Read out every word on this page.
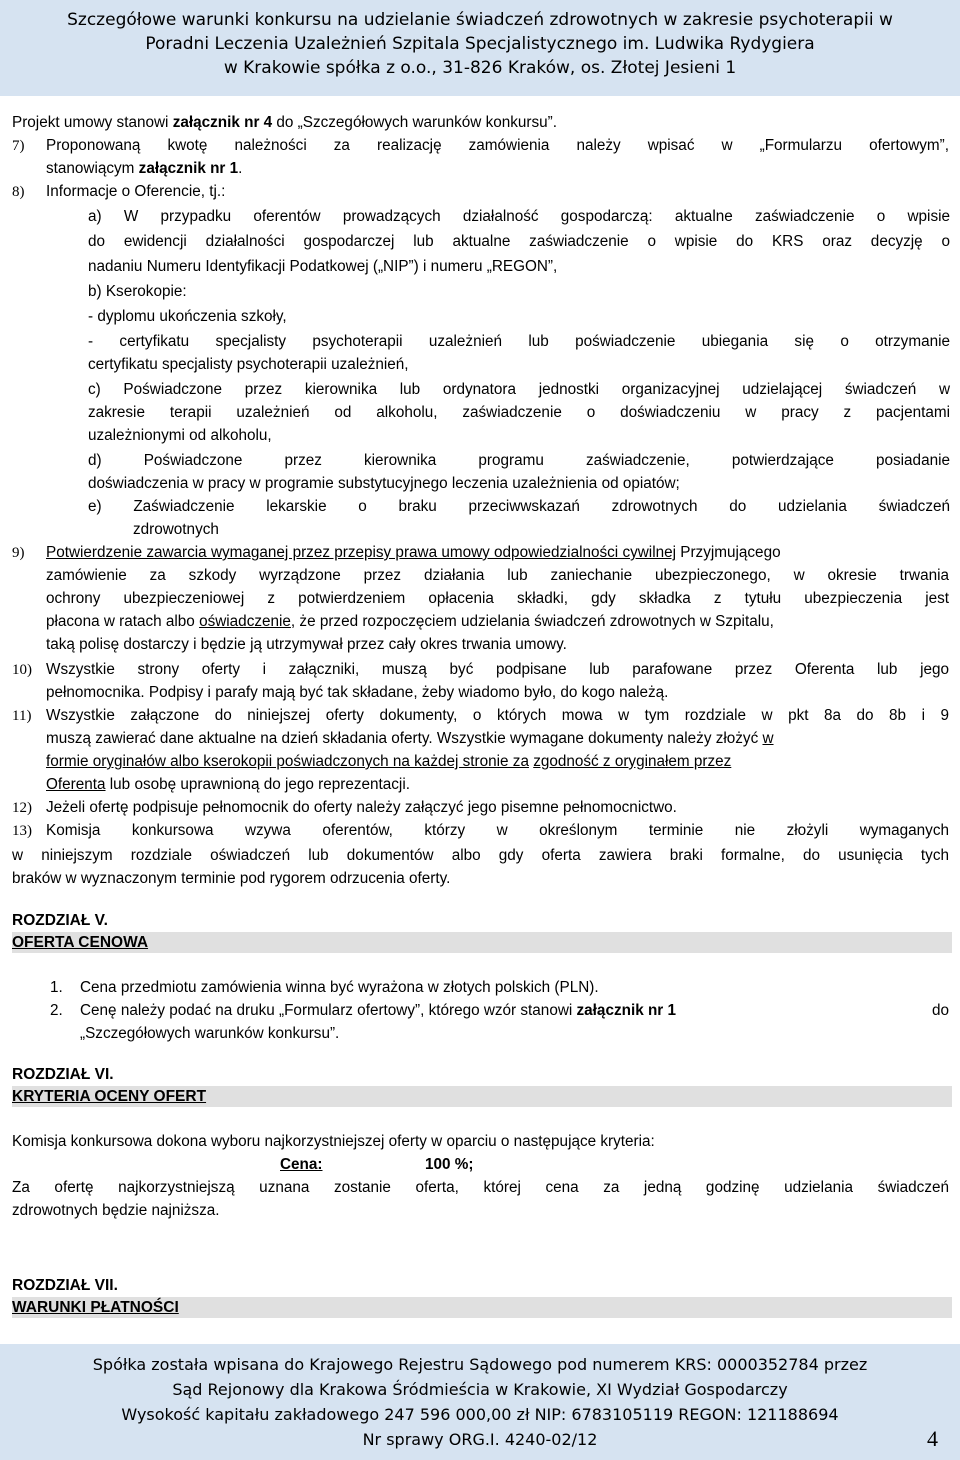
Szczegółowe warunki konkursu na udzielanie świadczeń zdrowotnych w zakresie psychoterapii w
Poradni Leczenia Uzależnień Szpitala Specjalistycznego im. Ludwika Rydygiera
w Krakowie spółka z o.o., 31-826 Kraków, os. Złotej Jesieni 1
Projekt umowy stanowi załącznik nr 4 do „Szczegółowych warunków konkursu”.
7) Proponowaną kwotę należności za realizację zamówienia należy wpisać w „Formularzu ofertowym”,
stanowiącym załącznik nr 1.
8) Informacje o Oferencie, tj.:
a) W przypadku oferentów prowadzących działalność gospodarczą: aktualne zaświadczenie o wpisie
do ewidencji działalności gospodarczej lub aktualne zaświadczenie o wpisie do KRS oraz decyzję o
nadaniu Numeru Identyfikacji Podatkowej („NIP”) i numeru „REGON”,
b) Kserokopie:
- dyplomu ukończenia szkoły,
- certyfikatu specjalisty psychoterapii uzależnień lub poświadczenie ubiegania się o otrzymanie
certyfikatu specjalisty psychoterapii uzależnień,
c) Poświadczone przez kierownika lub ordynatora jednostki organizacyjnej udzielającej świadczeń w
zakresie terapii uzależnień od alkoholu, zaświadczenie o doświadczeniu w pracy z pacjentami
uzależnionymi od alkoholu,
d) Poświadczone przez kierownika programu zaświadczenie, potwierdzające posiadanie
doświadczenia w pracy w programie substytucyjnego leczenia uzależnienia od opiatów;
e) Zaświadczenie lekarskie o braku przeciwwskazań zdrowotnych do udzielania świadczeń
zdrowotnych
9) Potwierdzenie zawarcia wymaganej przez przepisy prawa umowy odpowiedzialności cywilnej Przyjmującego
zamówienie za szkody wyrządzone przez działania lub zaniechanie ubezpieczonego, w okresie trwania
ochrony ubezpieczeniowej z potwierdzeniem opłacenia składki, gdy składka z tytułu ubezpieczenia jest
płacona w ratach albo oświadczenie, że przed rozpoczęciem udzielania świadczeń zdrowotnych w Szpitalu,
taką polisę dostarczy i będzie ją utrzymywał przez cały okres trwania umowy.
10) Wszystkie strony oferty i załączniki, muszą być podpisane lub parafowane przez Oferenta lub jego
pełnomocnika. Podpisy i parafy mają być tak składane, żeby wiadomo było, do kogo należą.
11) Wszystkie załączone do niniejszej oferty dokumenty, o których mowa w tym rozdziale w pkt 8a do 8b i 9
muszą zawierać dane aktualne na dzień składania oferty. Wszystkie wymagane dokumenty należy złożyć w
formie oryginałów albo kserokopii poświadczonych na każdej stronie za zgodność z oryginałem przez
Oferenta lub osobę uprawnioną do jego reprezentacji.
12) Jeżeli ofertę podpisuje pełnomocnik do oferty należy załączyć jego pisemne pełnomocnictwo.
13) Komisja konkursowa wzywa oferentów, którzy w określonym terminie nie złożyli wymaganych
w niniejszym rozdziale oświadczeń lub dokumentów albo gdy oferta zawiera braki formalne, do usunięcia tych
braków w wyznaczonym terminie pod rygorem odrzucenia oferty.
ROZDZIAŁ V.
OFERTA CENOWA
1. Cena przedmiotu zamówienia winna być wyrażona w złotych polskich (PLN).
2. Cenę należy podać na druku „Formularz ofertowy”, którego wzór stanowi załącznik nr 1	do
„Szczegółowych warunków konkursu”.
ROZDZIAŁ VI.
KRYTERIA OCENY OFERT
Komisja konkursowa dokona wyboru najkorzystniejszej oferty w oparciu o następujące kryteria:
Cena:	100 %;
Za ofertę najkorzystniejszą uznana zostanie oferta, której cena za jedną godzinę udzielania świadczeń
zdrowotnych będzie najniższa.
ROZDZIAŁ VII.
WARUNKI PŁATNOŚCI
Spółka została wpisana do Krajowego Rejestru Sądowego pod numerem KRS: 0000352784 przez
Sąd Rejonowy dla Krakowa Śródmieścia w Krakowie, XI Wydział Gospodarczy
Wysokość kapitału zakładowego 247 596 000,00 zł NIP: 6783105119 REGON: 121188694
Nr sprawy ORG.I. 4240-02/12	4
